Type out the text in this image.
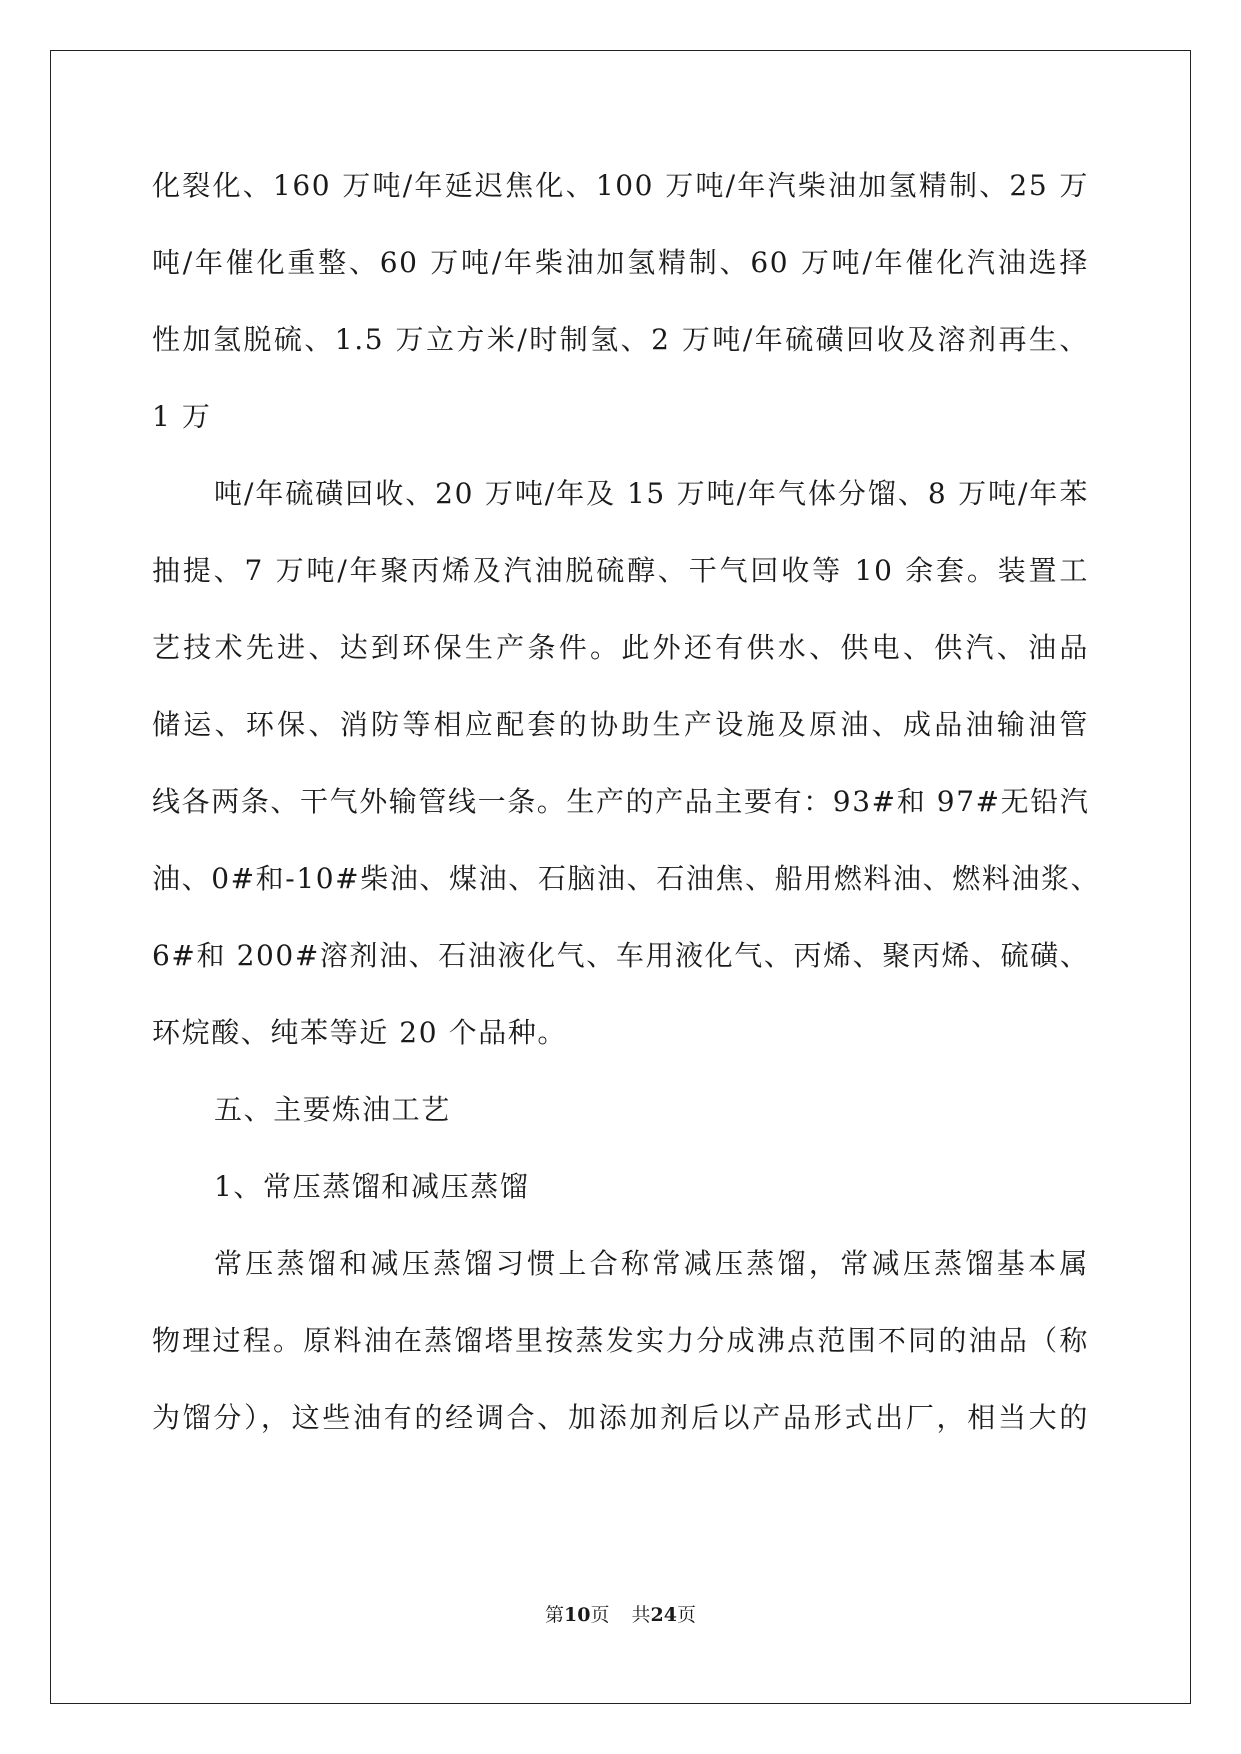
化裂化、160 万吨/年延迟焦化、100 万吨/年汽柴油加氢精制、25 万
吨/年催化重整、60 万吨/年柴油加氢精制、60 万吨/年催化汽油选择
性加氢脱硫、1.5 万立方米/时制氢、2 万吨/年硫磺回收及溶剂再生、
1 万
吨/年硫磺回收、20 万吨/年及 15 万吨/年气体分馏、8 万吨/年苯
抽提、7 万吨/年聚丙烯及汽油脱硫醇、干气回收等 10 余套。装置工
艺技术先进、达到环保生产条件。此外还有供水、供电、供汽、油品
储运、环保、消防等相应配套的协助生产设施及原油、成品油输油管
线各两条、干气外输管线一条。生产的产品主要有：93#和 97#无铅汽
油、0#和-10#柴油、煤油、石脑油、石油焦、船用燃料油、燃料油浆、
6#和 200#溶剂油、石油液化气、车用液化气、丙烯、聚丙烯、硫磺、
环烷酸、纯苯等近 20 个品种。
五、主要炼油工艺
1、常压蒸馏和减压蒸馏
常压蒸馏和减压蒸馏习惯上合称常减压蒸馏，常减压蒸馏基本属
物理过程。原料油在蒸馏塔里按蒸发实力分成沸点范围不同的油品（称
为馏分），这些油有的经调合、加添加剂后以产品形式出厂，相当大的
第10页 共24页
